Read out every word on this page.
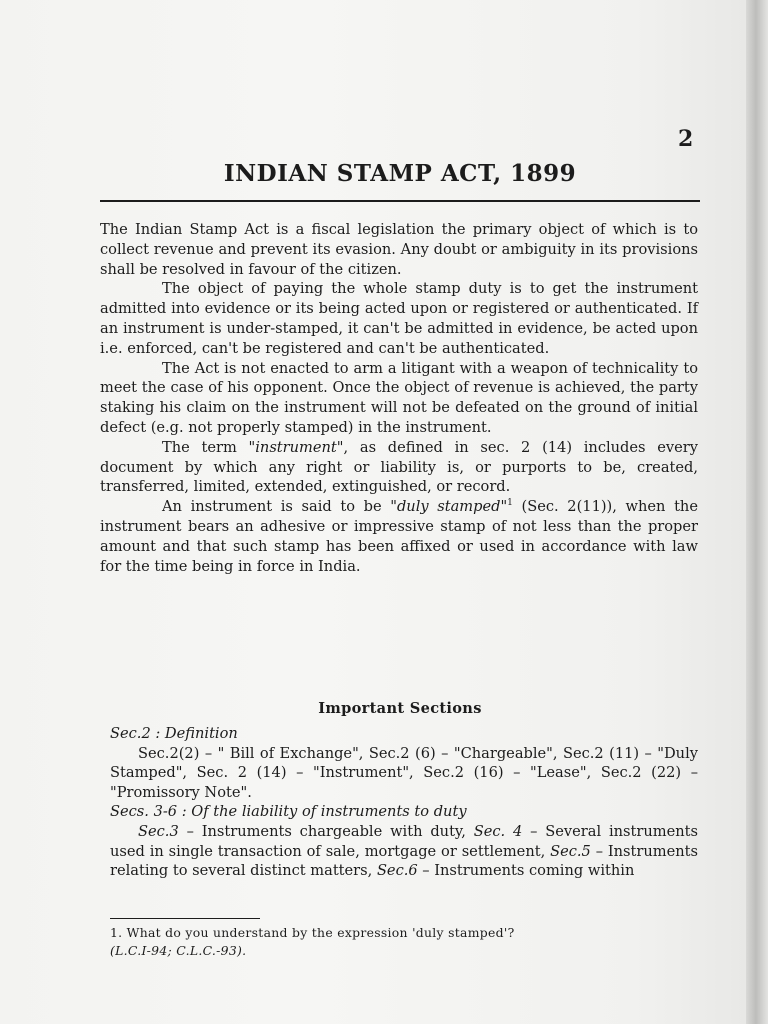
2
INDIAN STAMP ACT, 1899

The Indian Stamp Act is a fiscal legislation the primary object of which is to collect revenue and prevent its evasion. Any doubt or ambiguity in its provisions shall be resolved in favour of the citizen.

The object of paying the whole stamp duty is to get the instrument admitted into evidence or its being acted upon or registered or authenticated. If an instrument is under-stamped, it can't be admitted in evidence, be acted upon i.e. enforced, can't be registered and can't be authenticated.

The Act is not enacted to arm a litigant with a weapon of technicality to meet the case of his opponent. Once the object of revenue is achieved, the party staking his claim on the instrument will not be defeated on the ground of initial defect (e.g. not properly stamped) in the instrument.

The term "instrument", as defined in sec. 2 (14) includes every document by which any right or liability is, or purports to be, created, transferred, limited, extended, extinguished, or record.

An instrument is said to be "duly stamped"$^1$ (Sec. 2(11)), when the instrument bears an adhesive or impressive stamp of not less than the proper amount and that such stamp has been affixed or used in accordance with law for the time being in force in India.

Important Sections

Sec.2 : Definition

Sec.2(2) – " Bill of Exchange", Sec.2 (6) – "Chargeable", Sec.2 (11) – "Duly Stamped", Sec. 2 (14) – "Instrument", Sec.2 (16) – "Lease", Sec.2 (22) – "Promissory Note".

Secs. 3-6 : Of the liability of instruments to duty

Sec.3 – Instruments chargeable with duty, Sec. 4 – Several instruments used in single transaction of sale, mortgage or settlement, Sec.5 – Instruments relating to several distinct matters, Sec.6 – Instruments coming within

1. What do you understand by the expression 'duly stamped'?

(L.C.I-94; C.L.C.-93).
